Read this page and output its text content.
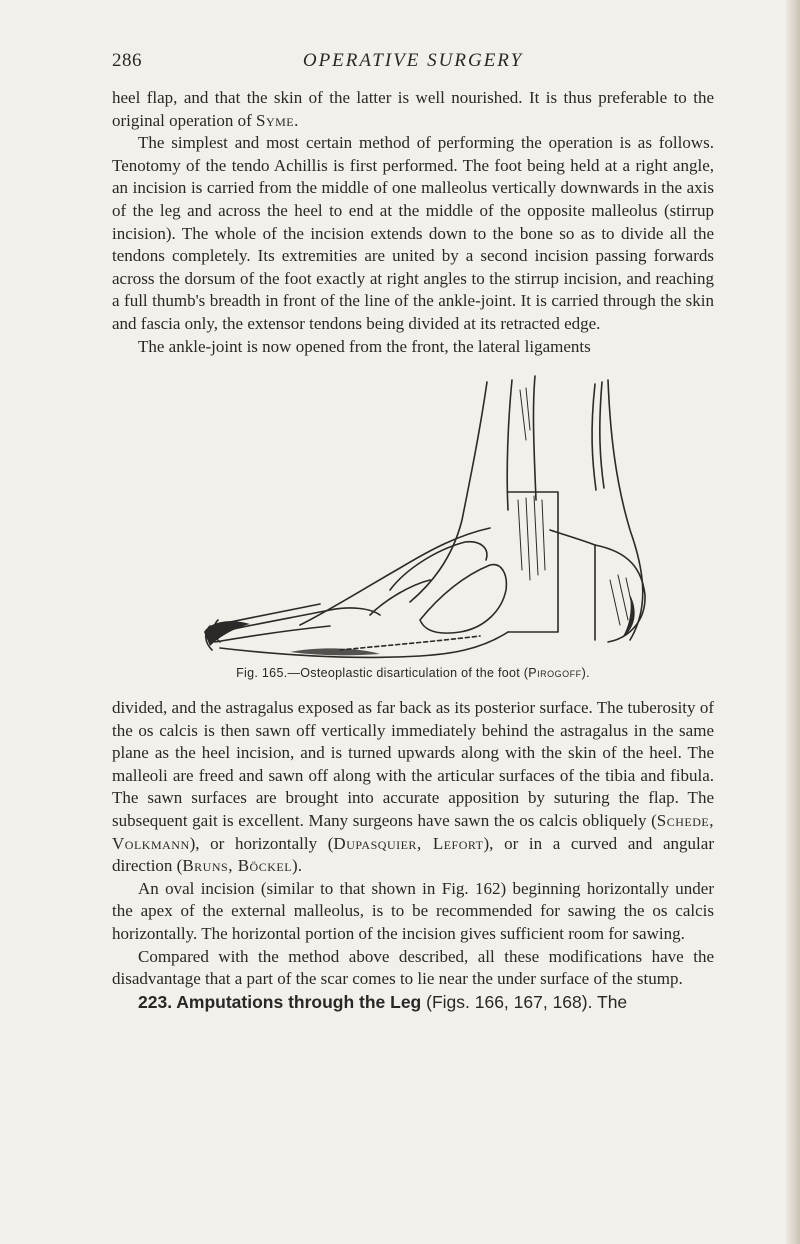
286	OPERATIVE SURGERY

heel flap, and that the skin of the latter is well nourished. It is thus preferable to the original operation of Syme.

The simplest and most certain method of performing the operation is as follows. Tenotomy of the tendo Achillis is first performed. The foot being held at a right angle, an incision is carried from the middle of one malleolus vertically downwards in the axis of the leg and across the heel to end at the middle of the opposite malleolus (stirrup incision). The whole of the incision extends down to the bone so as to divide all the tendons completely. Its extremities are united by a second incision passing forwards across the dorsum of the foot exactly at right angles to the stirrup incision, and reaching a full thumb's breadth in front of the line of the ankle-joint. It is carried through the skin and fascia only, the extensor tendons being divided at its retracted edge.

The ankle-joint is now opened from the front, the lateral ligaments

Fig. 165.—Osteoplastic disarticulation of the foot (Pirogoff).

divided, and the astragalus exposed as far back as its posterior surface. The tuberosity of the os calcis is then sawn off vertically immediately behind the astragalus in the same plane as the heel incision, and is turned upwards along with the skin of the heel. The malleoli are freed and sawn off along with the articular surfaces of the tibia and fibula. The sawn surfaces are brought into accurate apposition by suturing the flap. The subsequent gait is excellent. Many surgeons have sawn the os calcis obliquely (Schede, Volkmann), or horizontally (Dupasquier, Lefort), or in a curved and angular direction (Bruns, Böckel).

An oval incision (similar to that shown in Fig. 162) beginning horizontally under the apex of the external malleolus, is to be recommended for sawing the os calcis horizontally. The horizontal portion of the incision gives sufficient room for sawing.

Compared with the method above described, all these modifications have the disadvantage that a part of the scar comes to lie near the under surface of the stump.

223. Amputations through the Leg (Figs. 166, 167, 168). The
